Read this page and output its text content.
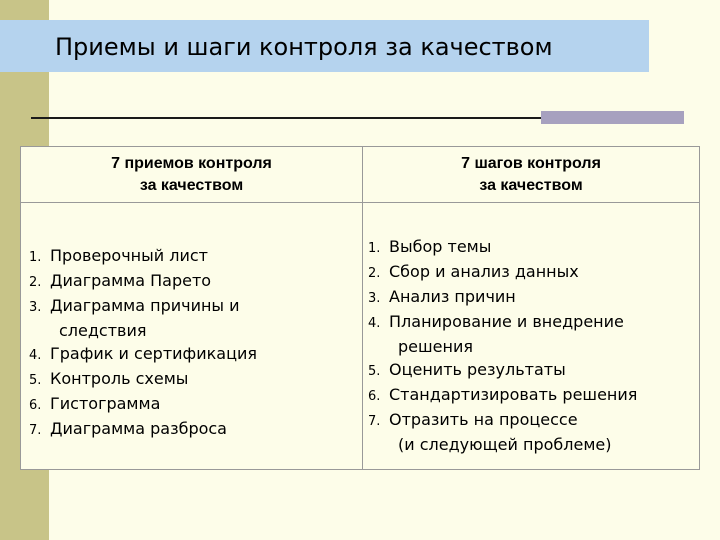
Приемы и шаги контроля за качеством
7 приемов контроля
за качеством
7 шагов контроля
за качеством
1. Проверочный лист
2. Диаграмма Парето
3. Диаграмма причины и
следствия
4. График и сертификация
5. Контроль схемы
6. Гистограмма
7. Диаграмма разброса
1. Выбор темы
2. Сбор и анализ данных
3. Анализ причин
4. Планирование и внедрение
решения
5. Оценить результаты
6. Стандартизировать решения
7. Отразить на процессе
(и следующей проблеме)
